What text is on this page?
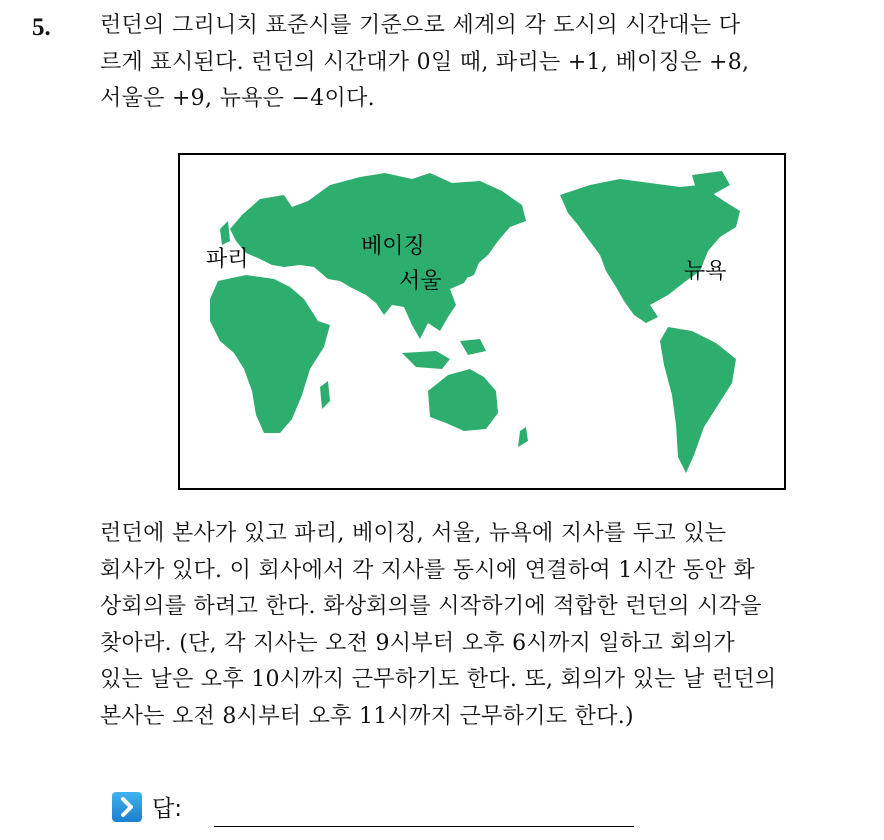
5. 런던의 그리니치 표준시를 기준으로 세계의 각 도시의 시간대는 다
르게 표시된다. 런던의 시간대가 0일 때, 파리는 +1, 베이징은 +8,
서울은 +9, 뉴욕은 −4이다.
파리
베이징
서울	뉴욕
런던에 본사가 있고 파리, 베이징, 서울, 뉴욕에 지사를 두고 있는
회사가 있다. 이 회사에서 각 지사를 동시에 연결하여 1시간 동안 화
상회의를 하려고 한다. 화상회의를 시작하기에 적합한 런던의 시각을
찾아라. (단, 각 지사는 오전 9시부터 오후 6시까지 일하고 회의가
있는 날은 오후 10시까지 근무하기도 한다. 또, 회의가 있는 날 런던의
본사는 오전 8시부터 오후 11시까지 근무하기도 한다.)
답:
